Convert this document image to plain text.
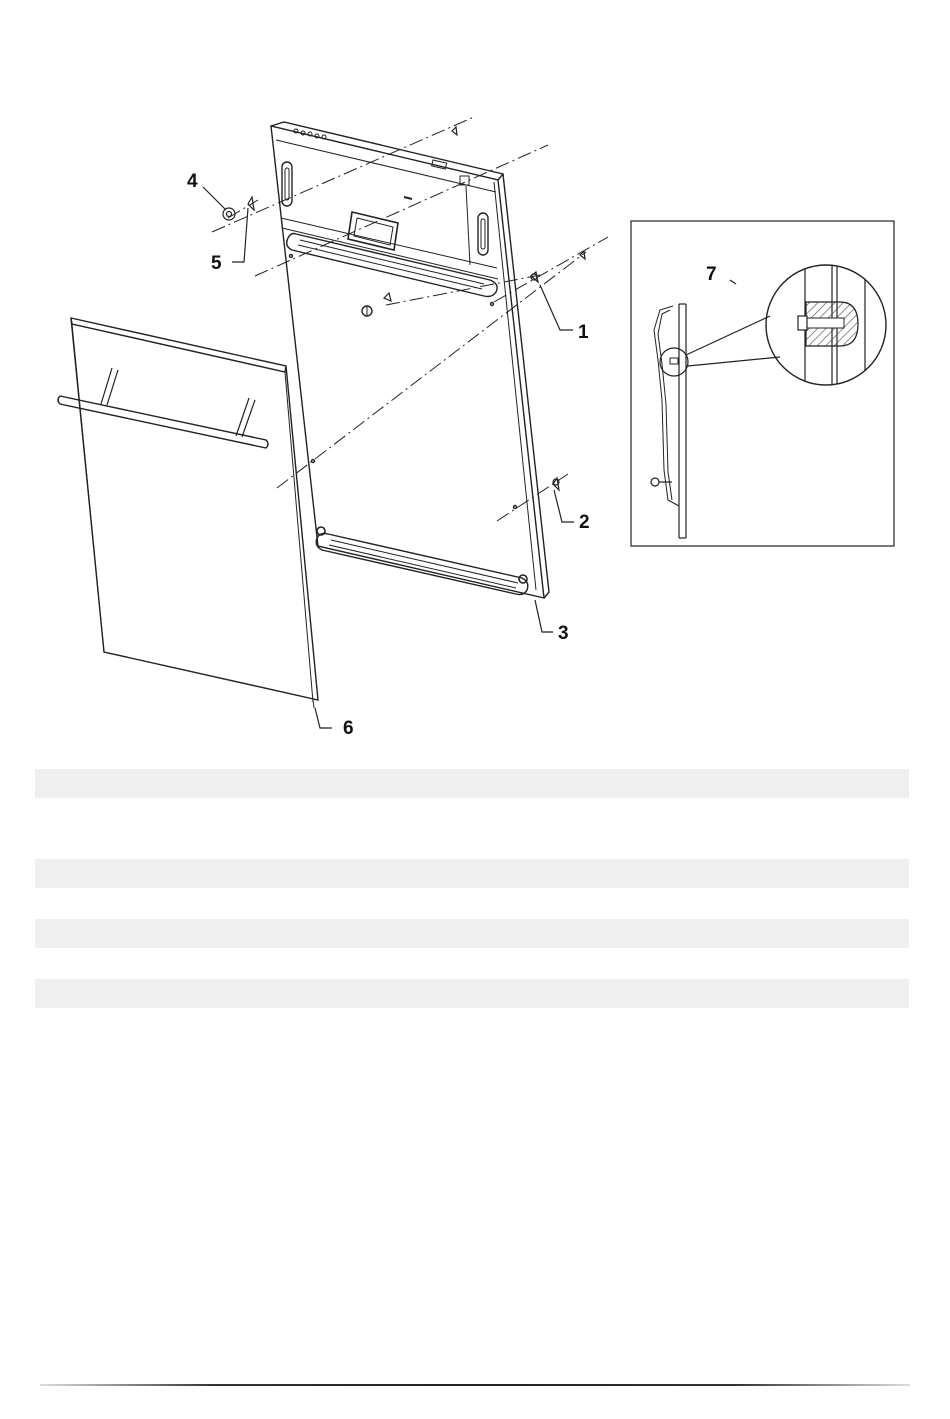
4
5
1
2
3
6
7
